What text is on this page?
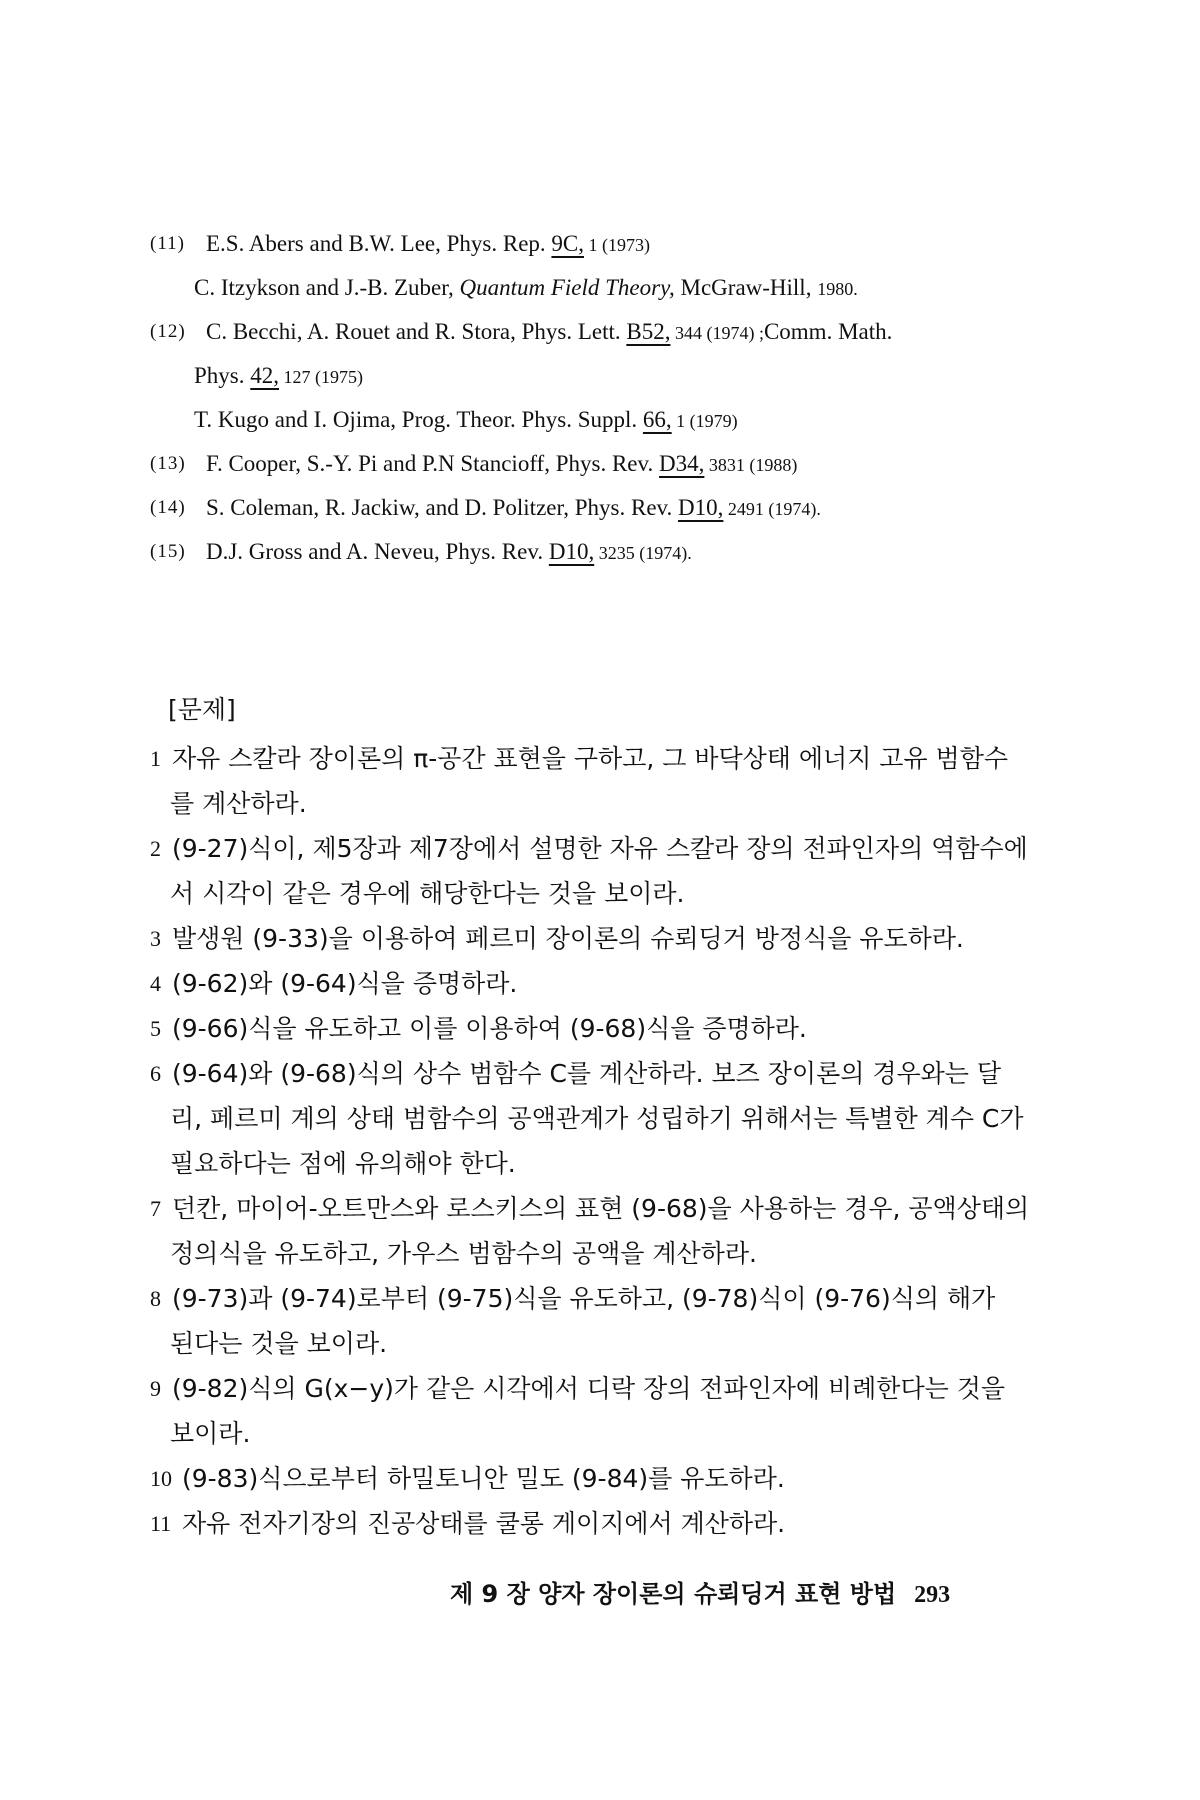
(11) E.S. Abers and B.W. Lee, Phys. Rep. 9C, 1 (1973)
C. Itzykson and J.-B. Zuber, Quantum Field Theory, McGraw-Hill, 1980.
(12) C. Becchi, A. Rouet and R. Stora, Phys. Lett. B52, 344 (1974) ;Comm. Math.
Phys. 42, 127 (1975)
T. Kugo and I. Ojima, Prog. Theor. Phys. Suppl. 66, 1 (1979)
(13) F. Cooper, S.-Y. Pi and P.N Stancioff, Phys. Rev. D34, 3831 (1988)
(14) S. Coleman, R. Jackiw, and D. Politzer, Phys. Rev. D10, 2491 (1974).
(15) D.J. Gross and A. Neveu, Phys. Rev. D10, 3235 (1974).
[문제]
1 자유 스칼라 장이론의 π-공간 표현을 구하고, 그 바닥상태 에너지 고유 범함수
를 계산하라.
2 (9-27)식이, 제5장과 제7장에서 설명한 자유 스칼라 장의 전파인자의 역함수에
서 시각이 같은 경우에 해당한다는 것을 보이라.
3 발생원 (9-33)을 이용하여 페르미 장이론의 슈뢰딩거 방정식을 유도하라.
4 (9-62)와 (9-64)식을 증명하라.
5 (9-66)식을 유도하고 이를 이용하여 (9-68)식을 증명하라.
6 (9-64)와 (9-68)식의 상수 범함수 C를 계산하라. 보즈 장이론의 경우와는 달
리, 페르미 계의 상태 범함수의 공액관계가 성립하기 위해서는 특별한 계수 C가
필요하다는 점에 유의해야 한다.
7 던칸, 마이어-오트만스와 로스키스의 표현 (9-68)을 사용하는 경우, 공액상태의
정의식을 유도하고, 가우스 범함수의 공액을 계산하라.
8 (9-73)과 (9-74)로부터 (9-75)식을 유도하고, (9-78)식이 (9-76)식의 해가
된다는 것을 보이라.
9 (9-82)식의 G(x−y)가 같은 시각에서 디락 장의 전파인자에 비례한다는 것을
보이라.
10 (9-83)식으로부터 하밀토니안 밀도 (9-84)를 유도하라.
11 자유 전자기장의 진공상태를 쿨롱 게이지에서 계산하라.
제 9 장 양자 장이론의 슈뢰딩거 표현 방법 293
